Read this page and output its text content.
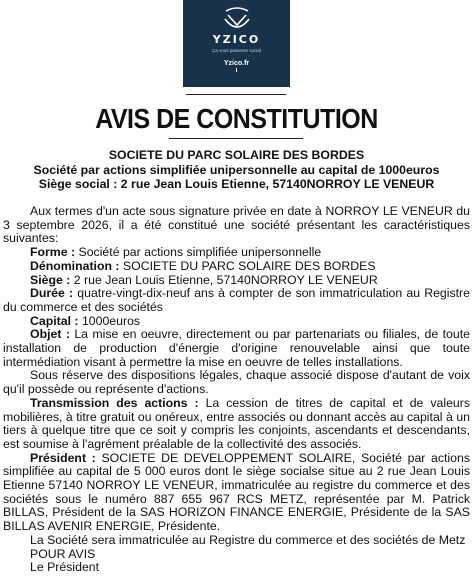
YZICO
Ça vous passerez social
Yzico.fr
AVIS DE CONSTITUTION
SOCIETE DU PARC SOLAIRE DES BORDES
Société par actions simplifiée unipersonnelle au capital de 1000euros
Siège social : 2 rue Jean Louis Etienne, 57140NORROY LE VENEUR

Aux termes d'un acte sous signature privée en date à NORROY LE VENEUR du 3 septembre 2026, il a été constitué une société présentant les caractéristiques suivantes:

Forme : Société par actions simplifiée unipersonnelle

Dénomination : SOCIETE DU PARC SOLAIRE DES BORDES

Siège : 2 rue Jean Louis Etienne, 57140NORROY LE VENEUR

Durée : quatre-vingt-dix-neuf ans à compter de son immatriculation au Registre du commerce et des sociétés

Capital : 1000euros

Objet : La mise en oeuvre, directement ou par partenariats ou filiales, de toute installation de production d'énergie d'origine renouvelable ainsi que toute intermédiation visant à permettre la mise en oeuvre de telles installations.

Sous réserve des dispositions légales, chaque associé dispose d'autant de voix qu'il possède ou représente d'actions.

Transmission des actions : La cession de titres de capital et de valeurs mobilières, à titre gratuit ou onéreux, entre associés ou donnant accès au capital à un tiers à quelque titre que ce soit y compris les conjoints, ascendants et descendants, est soumise à l'agrément préalable de la collectivité des associés.

Président : SOCIETE DE DEVELOPPEMENT SOLAIRE, Société par actions simplifiée au capital de 5 000 euros dont le siège socialse situe au 2 rue Jean Louis Etienne 57140 NORROY LE VENEUR, immatriculée au registre du commerce et des sociétés sous le numéro 887 655 967 RCS METZ, représentée par M. Patrick BILLAS, Président de la SAS HORIZON FINANCE ENERGIE, Présidente de la SAS BILLAS AVENIR ENERGIE, Présidente.

La Société sera immatriculée au Registre du commerce et des sociétés de Metz

POUR AVIS

Le Président
